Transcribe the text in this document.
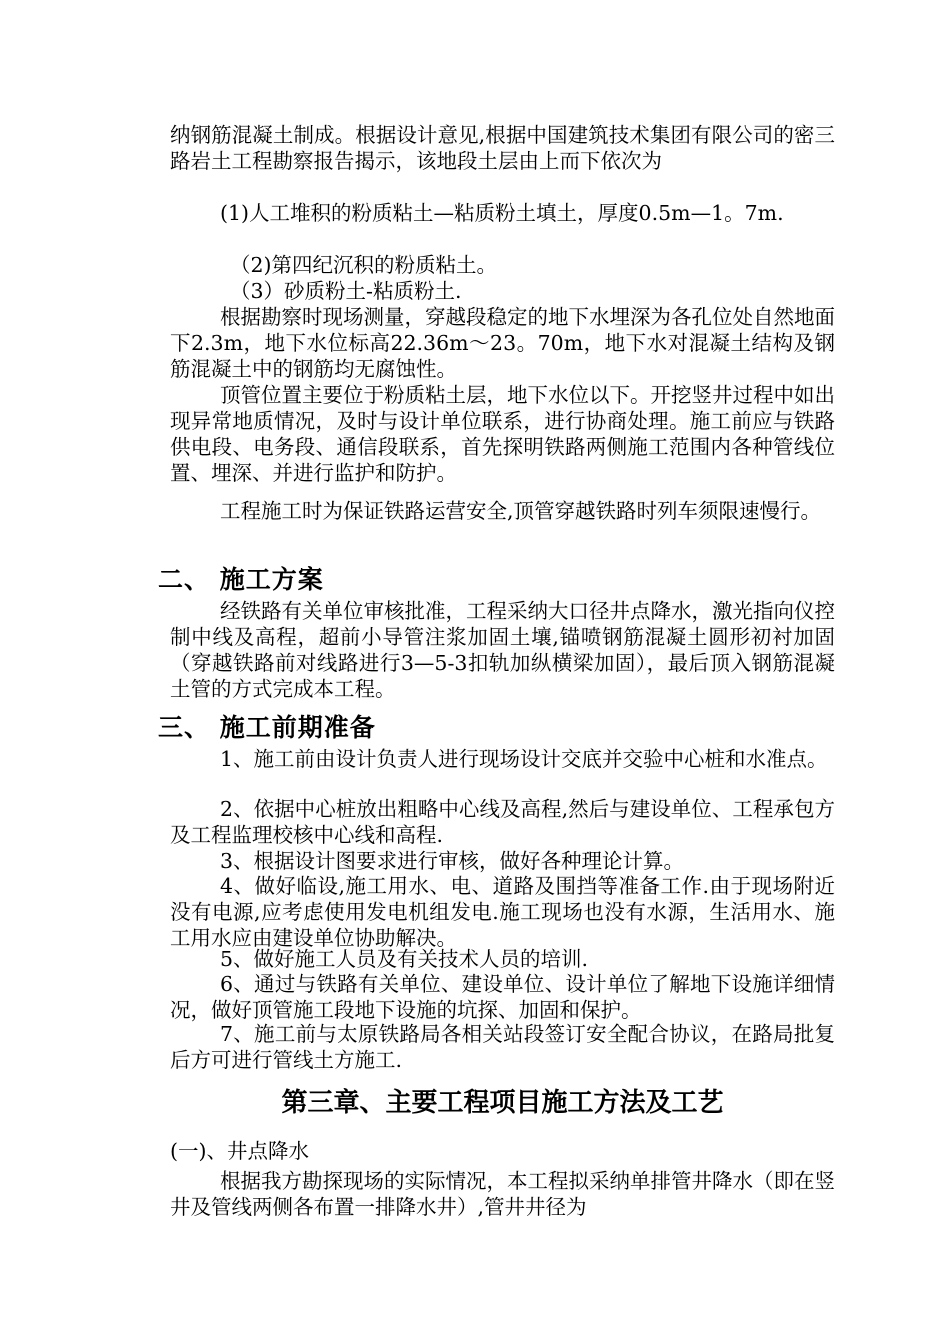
纳钢筋混凝土制成。根据设计意见,根据中国建筑技术集团有限公司的密三路岩土工程勘察报告揭示，该地段土层由上而下依次为

(1)人工堆积的粉质粘土—粘质粉土填土，厚度0.5m—1。7m.

（2)第四纪沉积的粉质粘土。

（3）砂质粉土-粘质粉土.

根据勘察时现场测量，穿越段稳定的地下水埋深为各孔位处自然地面下2.3m，地下水位标高22.36m～23。70m，地下水对混凝土结构及钢筋混凝土中的钢筋均无腐蚀性。

顶管位置主要位于粉质粘土层，地下水位以下。开挖竖井过程中如出现异常地质情况，及时与设计单位联系，进行协商处理。施工前应与铁路供电段、电务段、通信段联系，首先探明铁路两侧施工范围内各种管线位置、埋深、并进行监护和防护。

工程施工时为保证铁路运营安全,顶管穿越铁路时列车须限速慢行。

二、 施工方案

经铁路有关单位审核批准，工程采纳大口径井点降水，激光指向仪控制中线及高程，超前小导管注浆加固土壤,锚喷钢筋混凝土圆形初衬加固（穿越铁路前对线路进行3—5-3扣轨加纵横梁加固），最后顶入钢筋混凝土管的方式完成本工程。

三、 施工前期准备

1、施工前由设计负责人进行现场设计交底并交验中心桩和水准点。

2、依据中心桩放出粗略中心线及高程,然后与建设单位、工程承包方及工程监理校核中心线和高程.

3、根据设计图要求进行审核，做好各种理论计算。

4、做好临设,施工用水、电、道路及围挡等准备工作.由于现场附近没有电源,应考虑使用发电机组发电.施工现场也没有水源，生活用水、施工用水应由建设单位协助解决。

5、做好施工人员及有关技术人员的培训.

6、通过与铁路有关单位、建设单位、设计单位了解地下设施详细情况，做好顶管施工段地下设施的坑探、加固和保护。

7、施工前与太原铁路局各相关站段签订安全配合协议，在路局批复后方可进行管线土方施工.

第三章、主要工程项目施工方法及工艺

(一)、井点降水

根据我方勘探现场的实际情况，本工程拟采纳单排管井降水（即在竖井及管线两侧各布置一排降水井）,管井井径为
